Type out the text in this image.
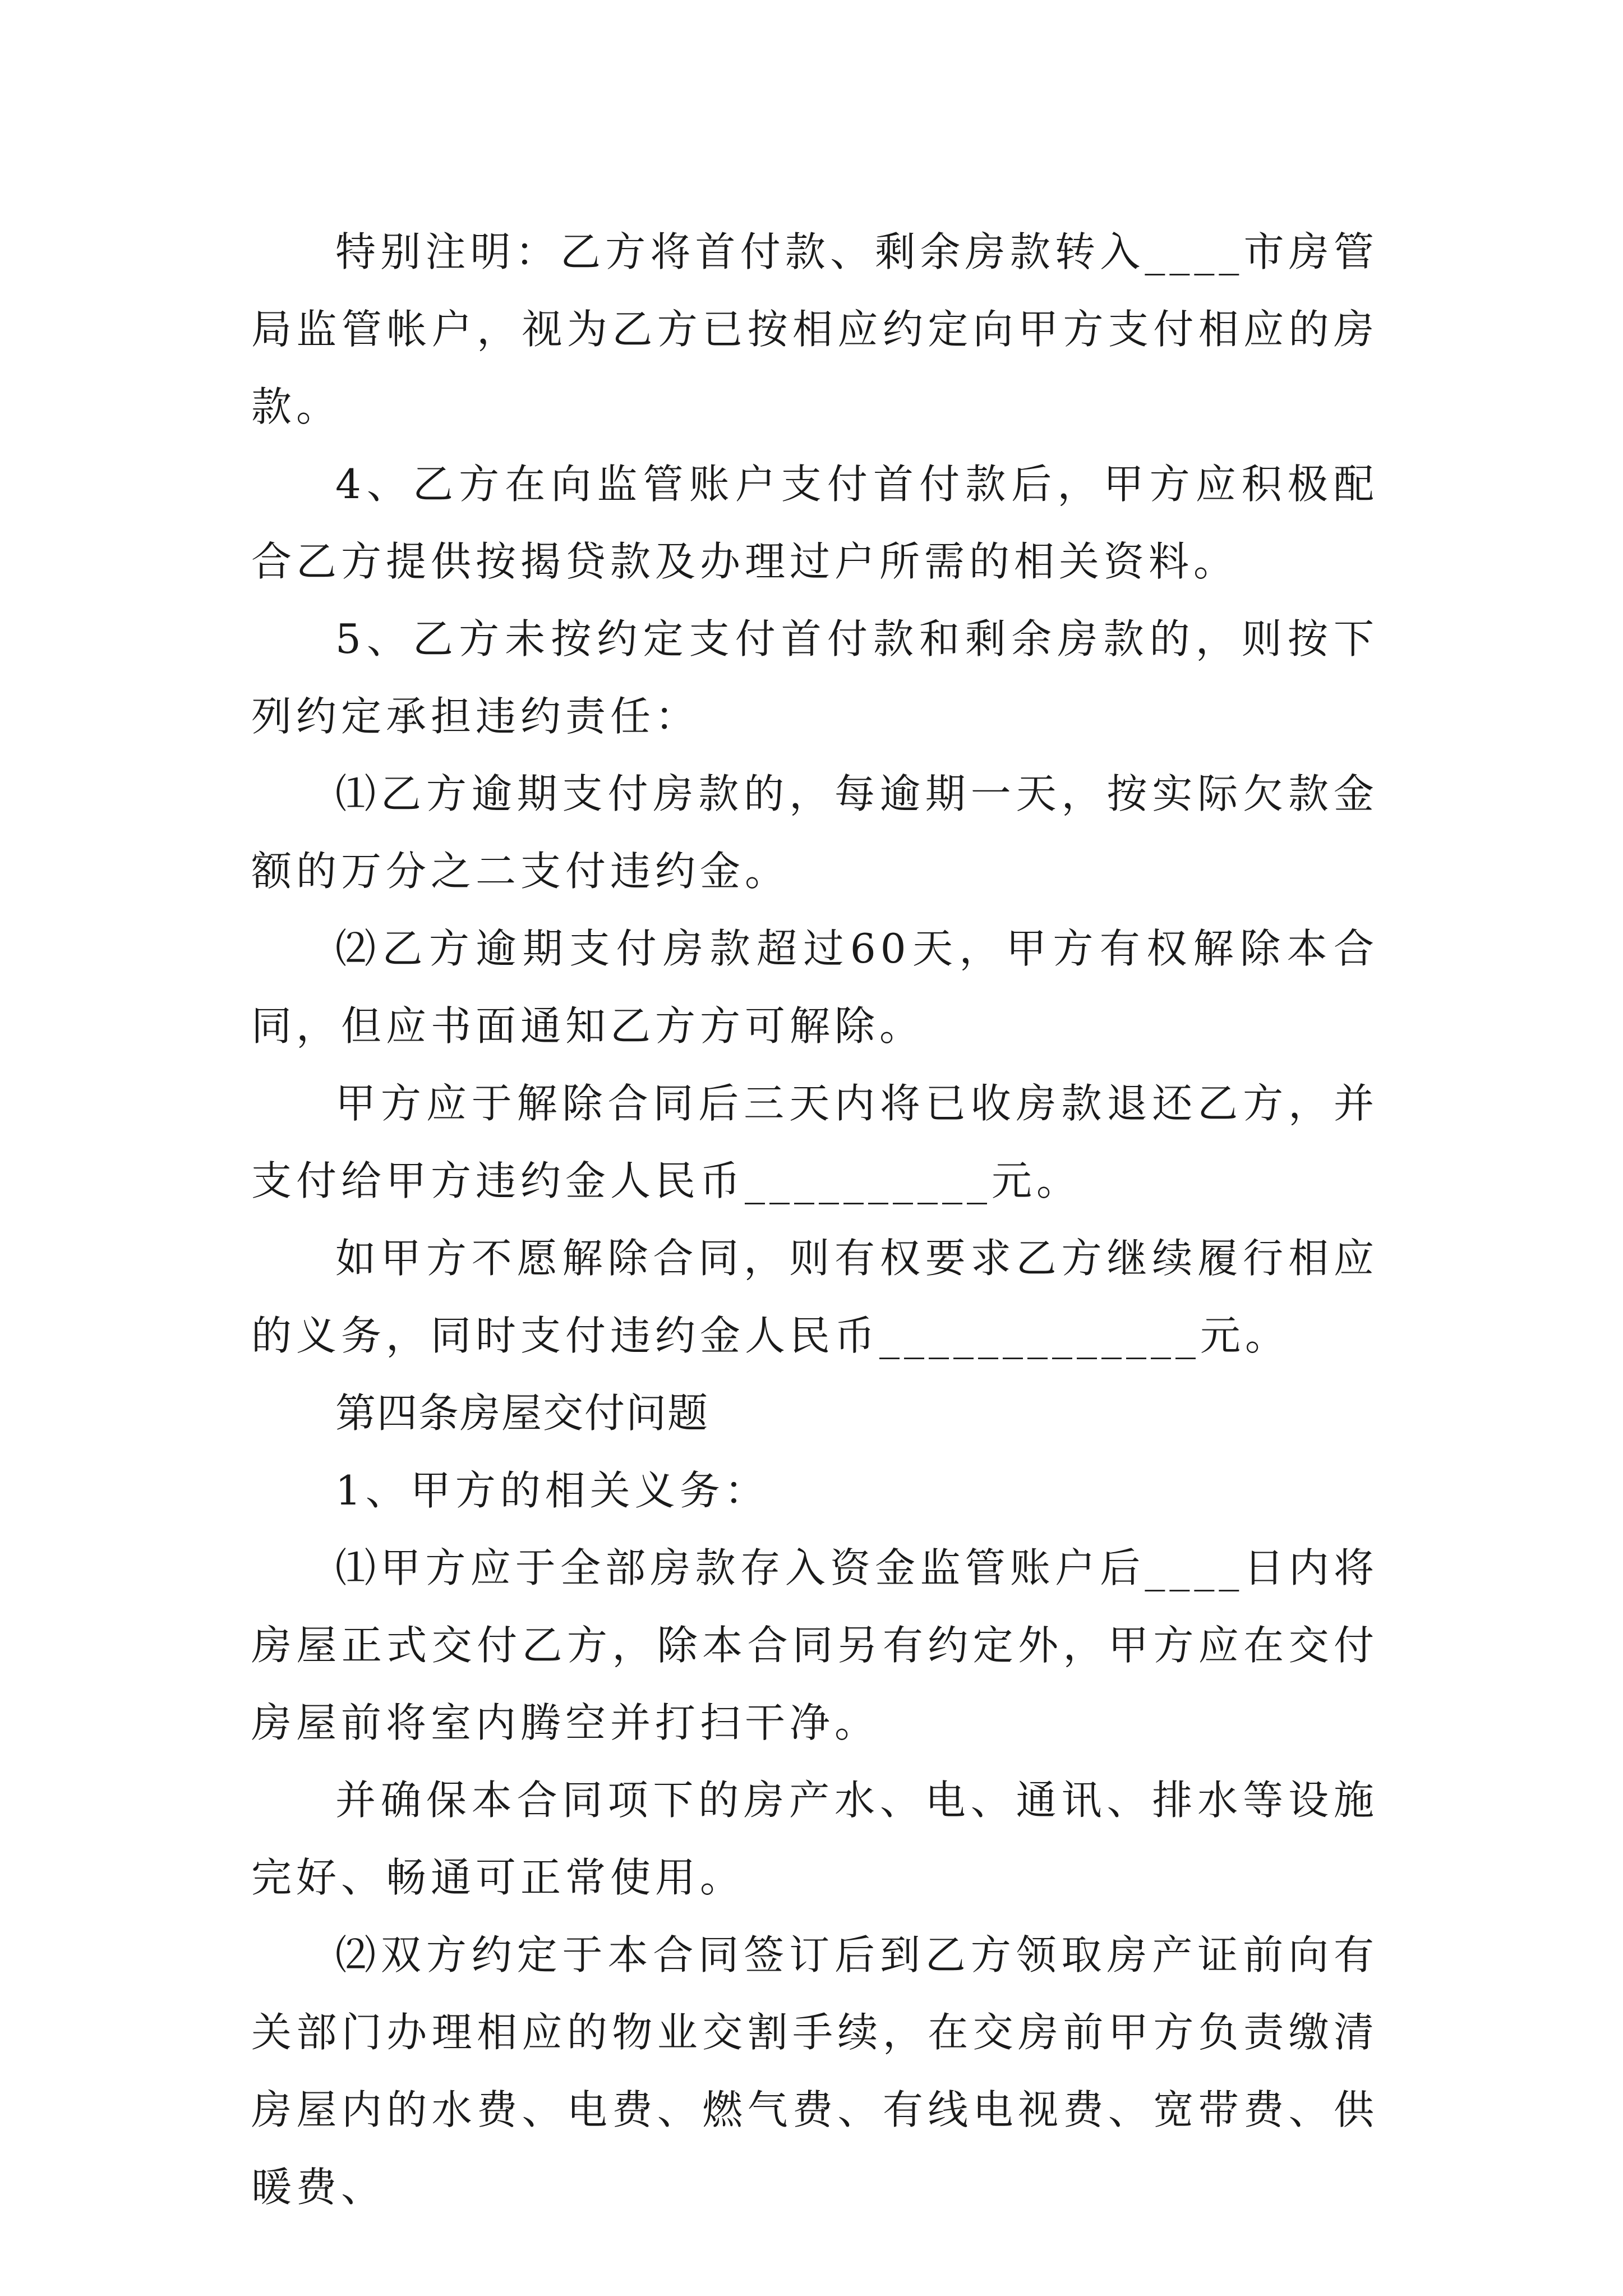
特别注明：乙方将首付款、剩余房款转入____市房管局监管帐户，视为乙方已按相应约定向甲方支付相应的房款。

4、乙方在向监管账户支付首付款后，甲方应积极配合乙方提供按揭贷款及办理过户所需的相关资料。

5、乙方未按约定支付首付款和剩余房款的，则按下列约定承担违约责任：

⑴乙方逾期支付房款的，每逾期一天，按实际欠款金额的万分之二支付违约金。

⑵乙方逾期支付房款超过60天，甲方有权解除本合同，但应书面通知乙方方可解除。

甲方应于解除合同后三天内将已收房款退还乙方，并支付给甲方违约金人民币__________元。

如甲方不愿解除合同，则有权要求乙方继续履行相应的义务，同时支付违约金人民币_____________元。

第四条房屋交付问题

1、甲方的相关义务：

⑴甲方应于全部房款存入资金监管账户后____日内将房屋正式交付乙方，除本合同另有约定外，甲方应在交付房屋前将室内腾空并打扫干净。

并确保本合同项下的房产水、电、通讯、排水等设施完好、畅通可正常使用。

⑵双方约定于本合同签订后到乙方领取房产证前向有关部门办理相应的物业交割手续，在交房前甲方负责缴清房屋内的水费、电费、燃气费、有线电视费、宽带费、供暖费、
